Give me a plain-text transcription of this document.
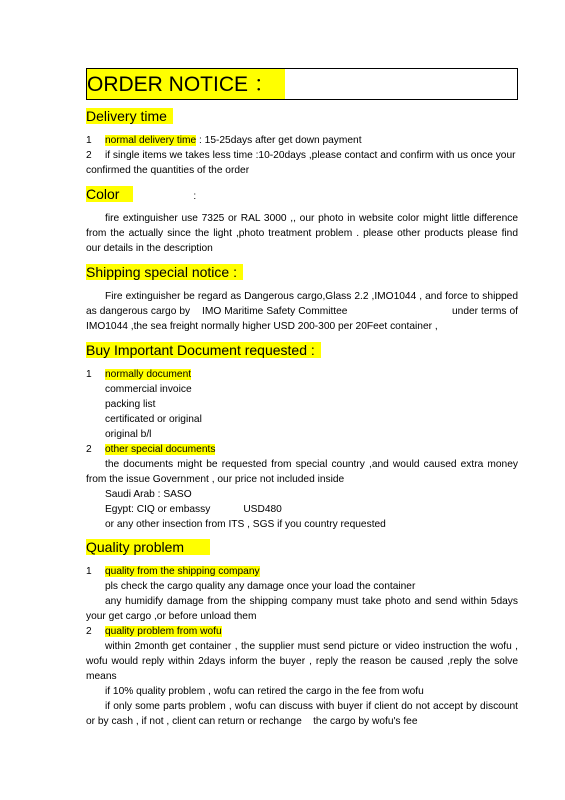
ORDER NOTICE ：
Delivery time
1 normal delivery time : 15-25days after get down payment
2 if single items we takes less time :10-20days ,please contact and confirm with us once your confirmed the quantities of the order
Color	:
fire extinguisher use 7325 or RAL 3000 ,, our photo in website color might little difference from the actually since the light ,photo treatment problem . please other products please find our details in the description
Shipping special notice :
Fire extinguisher be regard as Dangerous cargo,Glass 2.2 ,IMO1044 , and force to shipped as dangerous cargo by    IMO Maritime Safety Committee                                   under terms of IMO1044 ,the sea freight normally higher USD 200-300 per 20Feet container ,
Buy Important Document requested :
1 normally document
commercial invoice
packing list
certificated or original
original b/l
2 other special documents
the documents might be requested from special country ,and would caused extra money from the issue Government , our price not included inside
Saudi Arab : SASO
Egypt: CIQ or embassy	USD480
or any other insection from ITS , SGS if you country requested
Quality problem
1 quality from the shipping company
pls check the cargo quality any damage once your load the container
any humidify damage from the shipping company must take photo and send within 5days your get cargo ,or before unload them
2 quality problem from wofu
within 2month get container , the supplier must send picture or video instruction the wofu , wofu would reply within 2days inform the buyer , reply the reason be caused ,reply the solve means
if 10% quality problem , wofu can retired the cargo in the fee from wofu
if only some parts problem , wofu can discuss with buyer if client do not accept by discount or by cash , if not , client can return or rechange    the cargo by wofu's fee
